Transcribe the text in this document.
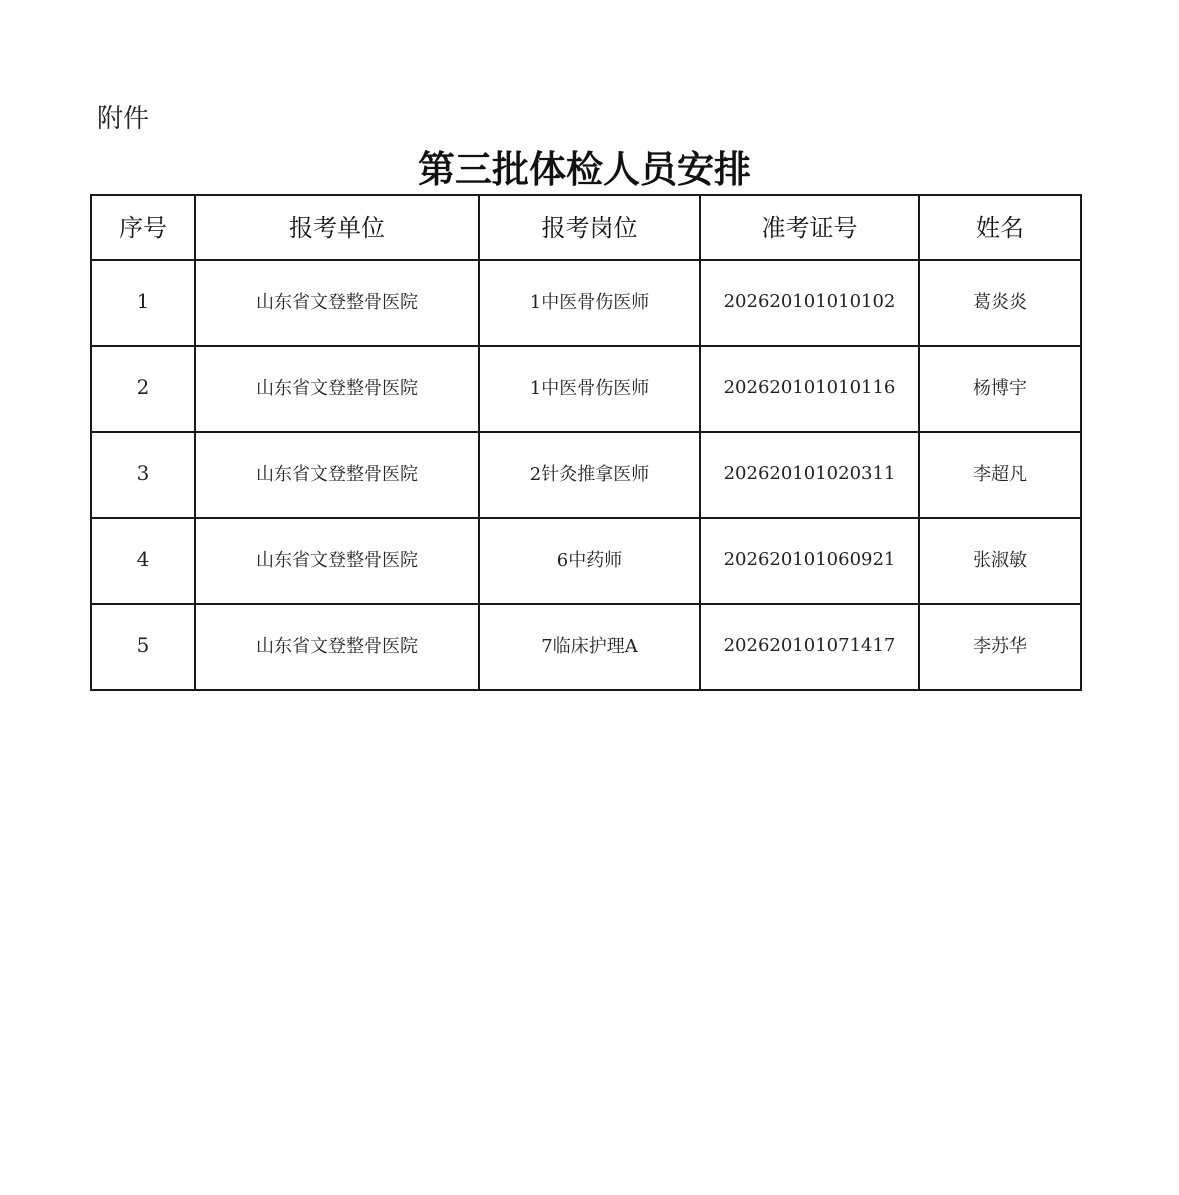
附件
第三批体检人员安排
序号	报考单位	报考岗位	准考证号	姓名
1	山东省文登整骨医院	1中医骨伤医师	202620101010102	葛炎炎
2	山东省文登整骨医院	1中医骨伤医师	202620101010116	杨博宇
3	山东省文登整骨医院	2针灸推拿医师	202620101020311	李超凡
4	山东省文登整骨医院	6中药师	202620101060921	张淑敏
5	山东省文登整骨医院	7临床护理A	202620101071417	李苏华
